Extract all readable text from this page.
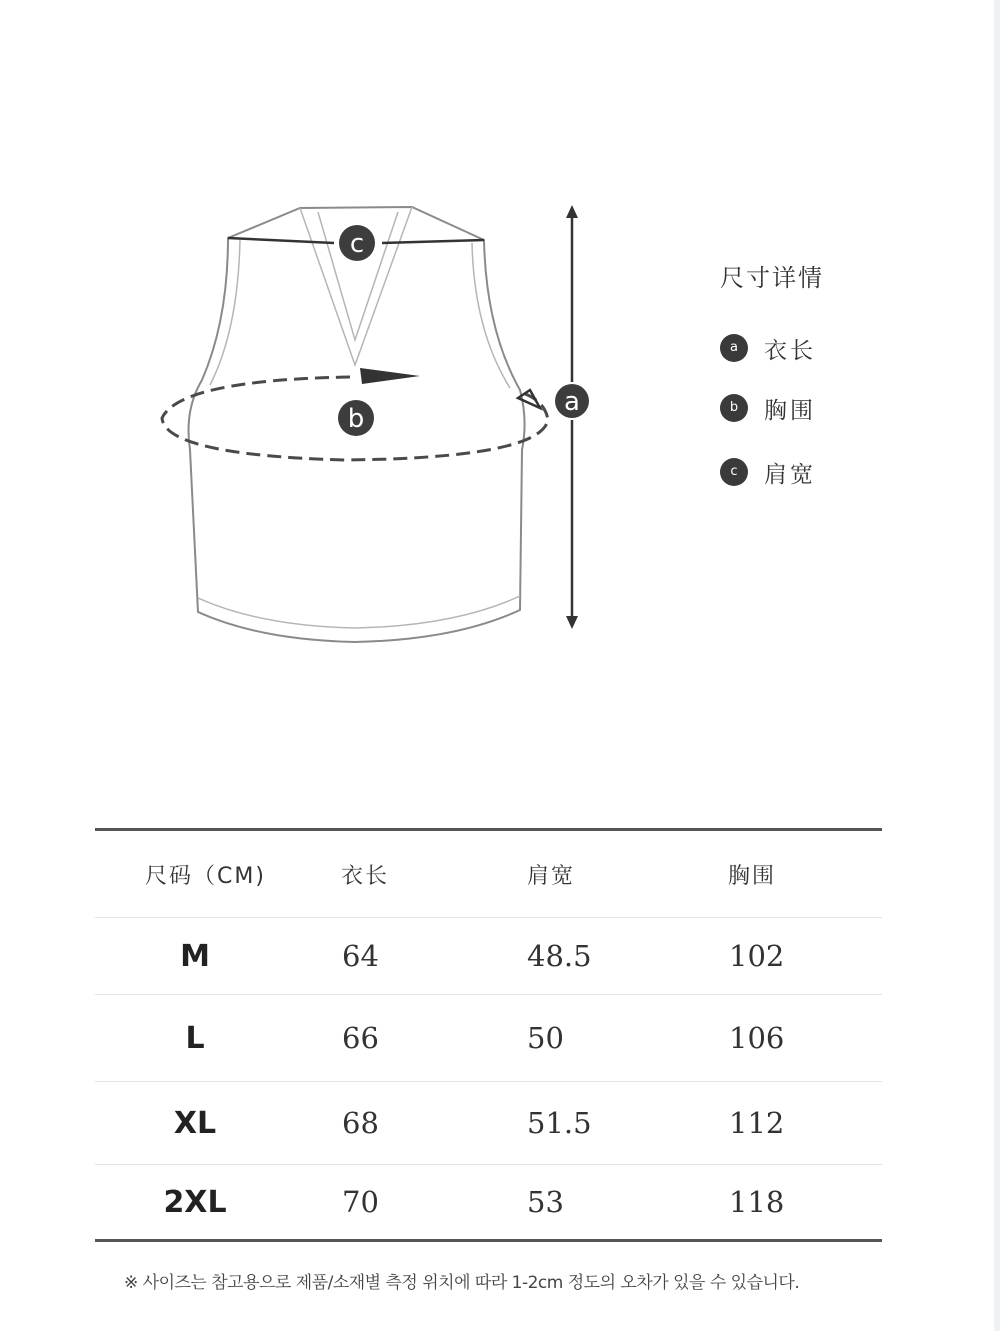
c
b
a
尺寸详情
a	衣长
b	胸围
c	肩宽
尺码（CM)	衣长	肩宽	胸围
M	64	48.5	102
L	66	50	106
XL	68	51.5	112
2XL	70	53	118
※ 사이즈는 참고용으로 제품/소재별 측정 위치에 따라 1-2cm 정도의 오차가 있을 수 있습니다.
